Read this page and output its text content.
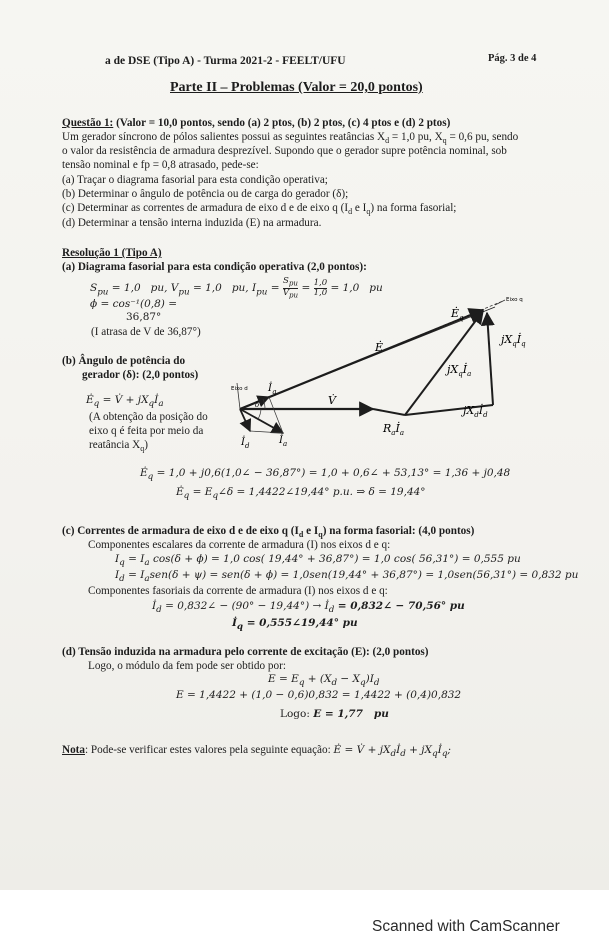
a de DSE (Tipo A) - Turma 2021-2 - FEELT/UFU	Pág. 3 de 4
Parte II – Problemas (Valor = 20,0 pontos)
Questão 1: (Valor = 10,0 pontos, sendo (a) 2 ptos, (b) 2 ptos, (c) 4 ptos e (d) 2 ptos)
Um gerador síncrono de pólos salientes possui as seguintes reatâncias $X_d = 1,0$ pu, $X_q = 0,6$ pu, sendo
o valor da resistência de armadura desprezível. Supondo que o gerador supre potência nominal, sob
tensão nominal e fp = 0,8 atrasado, pede-se:
(a) Traçar o diagrama fasorial para esta condição operativa;
(b) Determinar o ângulo de potência ou de carga do gerador (δ);
(c) Determinar as correntes de armadura de eixo d e de eixo q ($I_d$ e $I_q$) na forma fasorial;
(d) Determinar a tensão interna induzida (E) na armadura.
Resolução 1 (Tipo A)
(a) Diagrama fasorial para esta condição operativa (2,0 pontos):
$S_{pu} = 1,0$   pu, $V_{pu} = 1,0$   pu, $I_{pu}$ =
$S_{pu}$
$V_{pu} = \frac{1,0}{1,0} = 1,0$   pu
ϕ = cos⁻¹(0,8) =
36,87°
(I atrasa de V de 36,87°)
(b) Ângulo de potência do
gerador (δ): (2,0 pontos)
$Ė_q$ = V̇ + $jX_qİ_a$
(A obtenção da posição do
eixo q é feita por meio da
reatância $X_q$)
$Ė_q = 1,0$ + j0,6(1,0∠ − 36,87°) = 1,0 + 0,6∠ + 53,13° = 1,36 + j0,48
$Ė_q$ = $E_q\angle\delta$ = 1,4422∠19,44° p.u. ⇒ δ = 19,44°
(c) Correntes de armadura de eixo d e de eixo q ($I_d$ e $I_q$) na forma fasorial: (4,0 pontos)
Componentes escalares da corrente de armadura (I) nos eixos d e q:
$I_q = I_a$ cos(δ + ϕ) = 1,0 cos( 19,44° + 36,87°) = 1,0 cos( 56,31°) = 0,555 pu
$I_d = I_asen(\delta + \psi) = sen(\delta + \phi) = 1,0sen(19,44^\circ + 36,87^\circ) = 1,0sen(56,31^\circ) = 0,832$ pu
Componentes fasoriais da corrente de armadura (I) nos eixos d e q:
$İ_d$ = 0,832∠ − $(90^\circ - 19,44^\circ) \to İ_d$ = 0,832∠ − 70,56° pu
$İ_q$ = 0,555∠19,44° pu
(d) Tensão induzida na armadura pelo corrente de excitação (E): (2,0 pontos)
Logo, o módulo da fem pode ser obtido por:
$E = E_q + (X_d - X_q)I_d$
E = 1,4422 + (1,0 − 0,6)0,832 = 1,4422 + (0,4)0,832
Logo: E = 1,77   pu
Nota: Pode-se verificar estes valores pela seguinte equação: Ė = V̇ + $jX_dİ_d$ + $jX_qİ_q$;
$Ė_q$
Eixo q
$jX_qİ_q$
Ė
$jX_qİ_a$
Eixo d $İ_q$
V̇
$jX_dİ_d$
$R_aİ_a$
$İ_a$
$İ_d$
δ
Scanned with CamScanner
